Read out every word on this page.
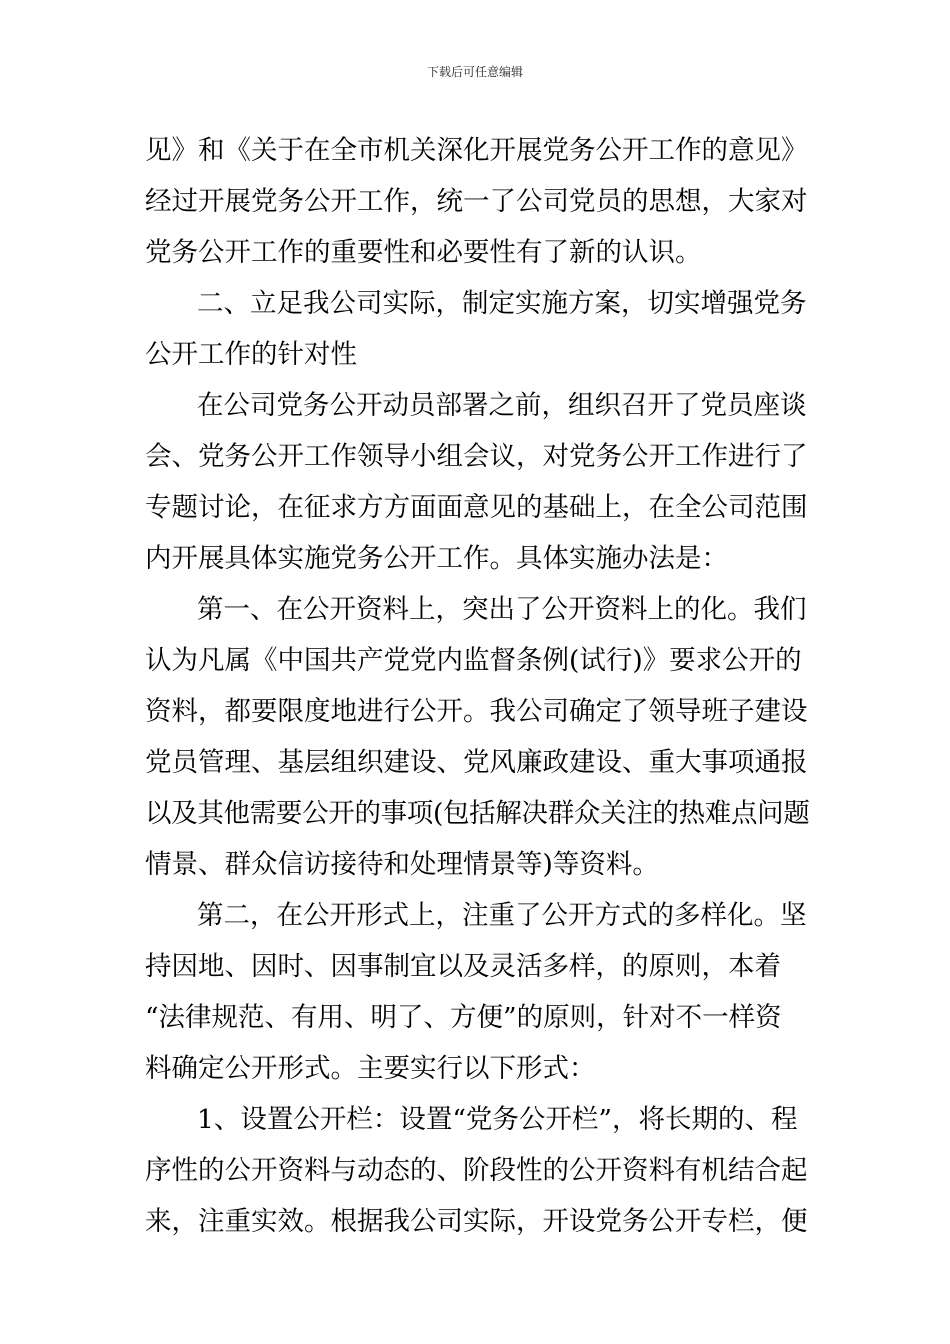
下载后可任意编辑
见》和《关于在全市机关深化开展党务公开工作的意见》
经过开展党务公开工作，统一了公司党员的思想，大家对
党务公开工作的重要性和必要性有了新的认识。
二、立足我公司实际，制定实施方案，切实增强党务
公开工作的针对性
在公司党务公开动员部署之前，组织召开了党员座谈
会、党务公开工作领导小组会议，对党务公开工作进行了
专题讨论，在征求方方面面意见的基础上，在全公司范围
内开展具体实施党务公开工作。具体实施办法是：
第一、在公开资料上，突出了公开资料上的化。我们
认为凡属《中国共产党党内监督条例(试行)》要求公开的
资料，都要限度地进行公开。我公司确定了领导班子建设
党员管理、基层组织建设、党风廉政建设、重大事项通报
以及其他需要公开的事项(包括解决群众关注的热难点问题
情景、群众信访接待和处理情景等)等资料。
第二，在公开形式上，注重了公开方式的多样化。坚
持因地、因时、因事制宜以及灵活多样，的原则，本着
“法律规范、有用、明了、方便”的原则，针对不一样资
料确定公开形式。主要实行以下形式：
1、设置公开栏：设置“党务公开栏”，将长期的、程
序性的公开资料与动态的、阶段性的公开资料有机结合起
来，注重实效。根据我公司实际，开设党务公开专栏，便
